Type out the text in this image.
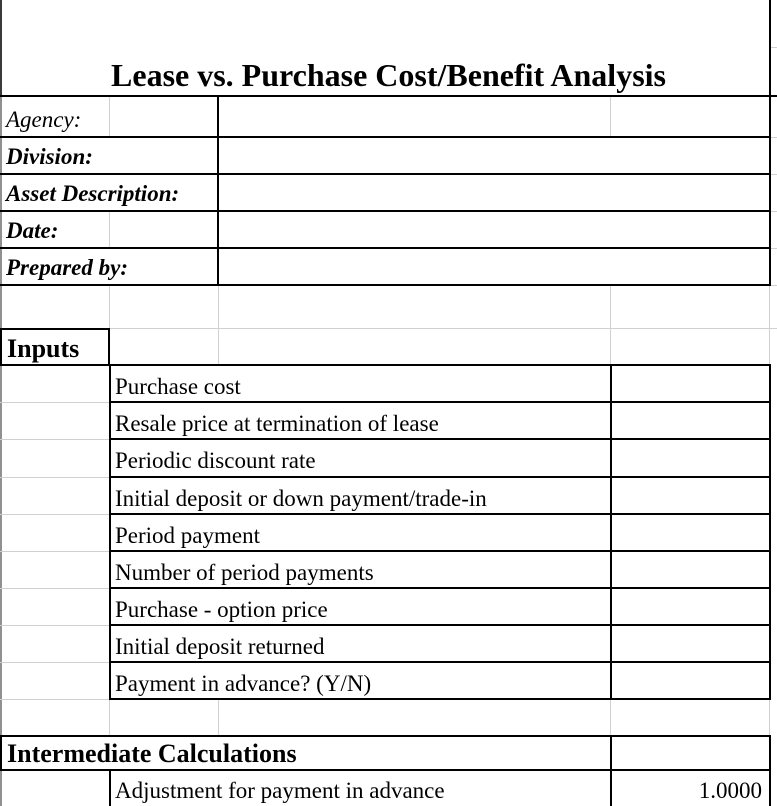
Lease vs. Purchase Cost/Benefit Analysis
Agency:
Division:
Asset Description:
Date:
Prepared by:
Inputs
Purchase cost
Resale price at termination of lease
Periodic discount rate
Initial deposit or down payment/trade-in
Period payment
Number of period payments
Purchase - option price
Initial deposit returned
Payment in advance? (Y/N)
Intermediate Calculations
Adjustment for payment in advance	1.0000
